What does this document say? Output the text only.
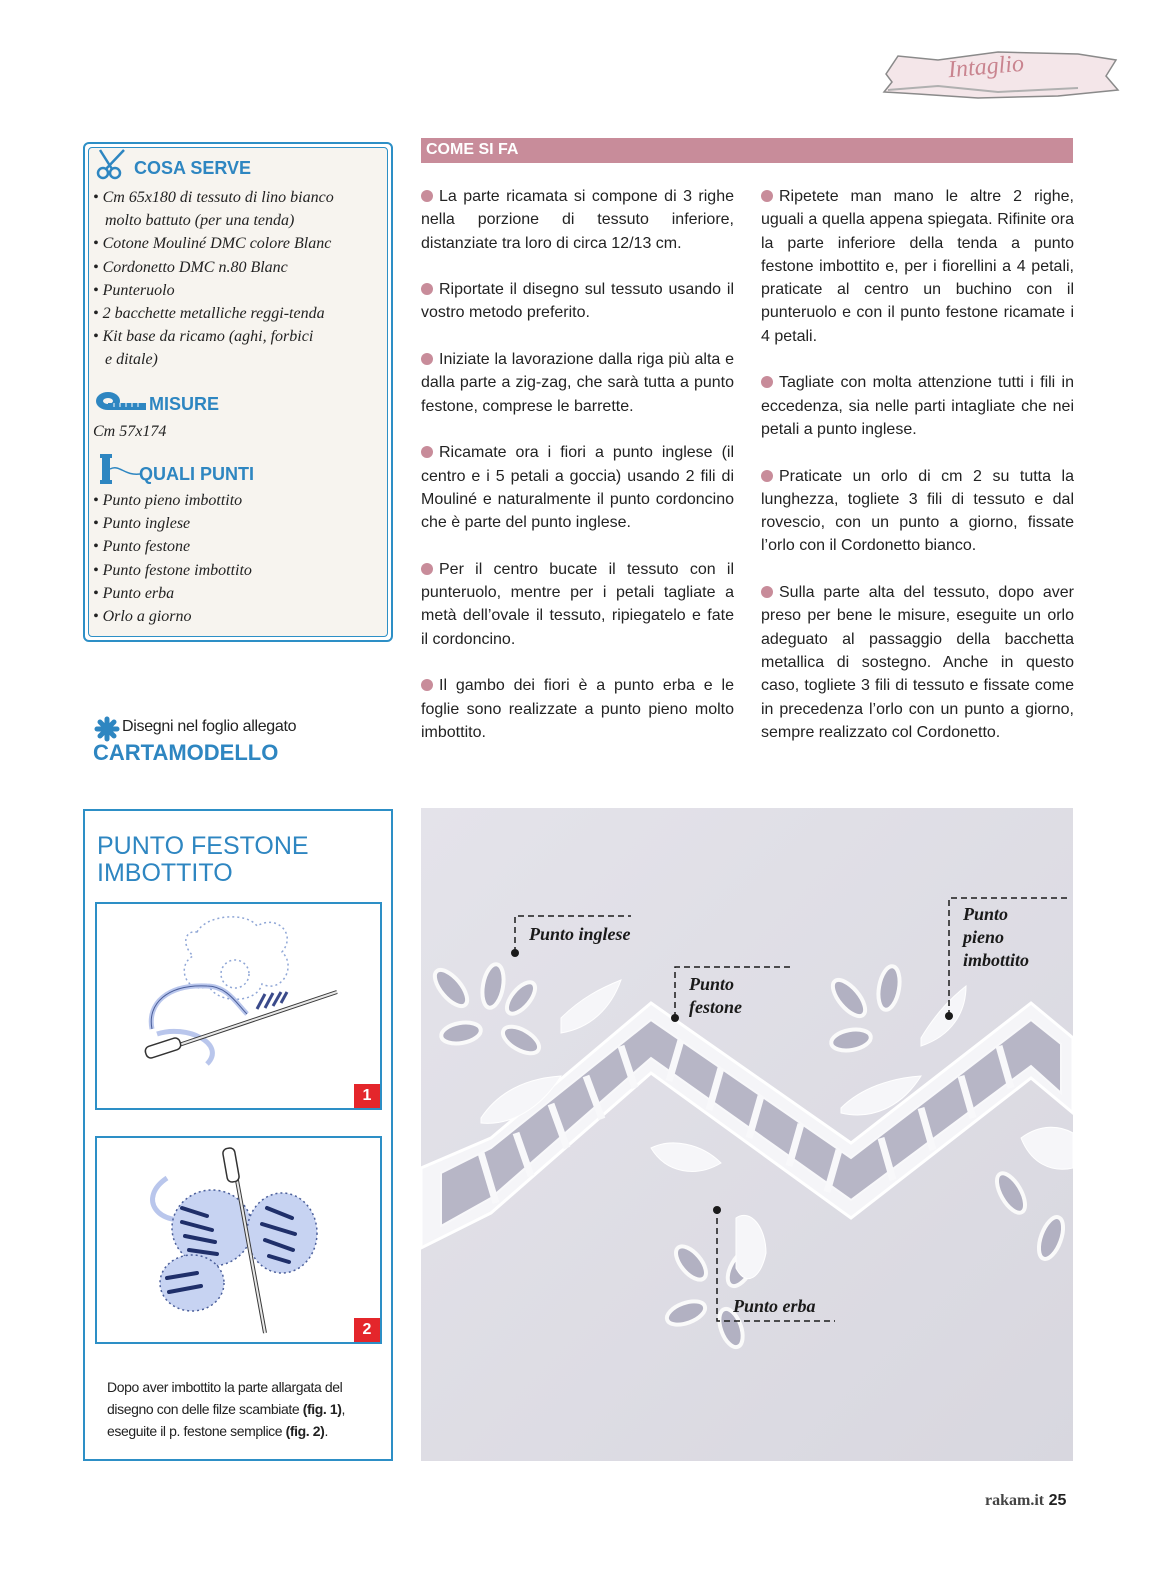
Intaglio
COSA SERVE
• Cm 65x180 di tessuto di lino bianco
molto battuto (per una tenda)
• Cotone Mouliné DMC colore Blanc
• Cordonetto DMC n.80 Blanc
• Punteruolo
• 2 bacchette metalliche reggi-tenda
• Kit base da ricamo (aghi, forbici
e ditale)
MISURE
Cm 57x174
QUALI PUNTI
• Punto pieno imbottito
• Punto inglese
• Punto festone
• Punto festone imbottito
• Punto erba
• Orlo a giorno
Disegni nel foglio allegato
CARTAMODELLO
COME SI FA

La parte ricamata si compone di 3 righe nella porzione di tessuto inferiore, distanziate tra loro di circa 12/13 cm.

Riportate il disegno sul tessuto usando il vostro metodo preferito.

Iniziate la lavorazione dalla riga più alta e dalla parte a zig-zag, che sarà tutta a punto festone, comprese le barrette.

Ricamate ora i fiori a punto inglese (il centro e i 5 petali a goccia) usando 2 fili di Mouliné e naturalmente il punto cordoncino che è parte del punto inglese.

Per il centro bucate il tessuto con il punteruolo, mentre per i petali tagliate a metà dell’ovale il tessuto, ripiegatelo e fate il cordoncino.

Il gambo dei fiori è a punto erba e le foglie sono realizzate a punto pieno molto imbottito.

Ripetete man mano le altre 2 righe, uguali a quella appena spiegata. Rifinite ora la parte inferiore della tenda a punto festone imbottito e, per i fiorellini a 4 petali, praticate al centro un buchino con il punteruolo e con il punto festone ricamate i 4 petali.

Tagliate con molta attenzione tutti i fili in eccedenza, sia nelle parti intagliate che nei petali a punto inglese.

Praticate un orlo di cm 2 su tutta la lunghezza, togliete 3 fili di tessuto e dal rovescio, con un punto a giorno, fissate l’orlo con il Cordonetto bianco.

Sulla parte alta del tessuto, dopo aver preso per bene le misure, eseguite un orlo adeguato al passaggio della bacchetta metallica di sostegno. Anche in questo caso, togliete 3 fili di tessuto e fissate come in precedenza l’orlo con un punto a giorno, sempre realizzato col Cordonetto.

PUNTO FESTONE
IMBOTTITO
1
2
Dopo aver imbottito la parte allargata del disegno con delle filze scambiate (fig. 1), eseguite il p. festone semplice (fig. 2).
Punto inglese
Punto
festone
Punto
pieno
imbottito
Punto erba
rakam.it 25
